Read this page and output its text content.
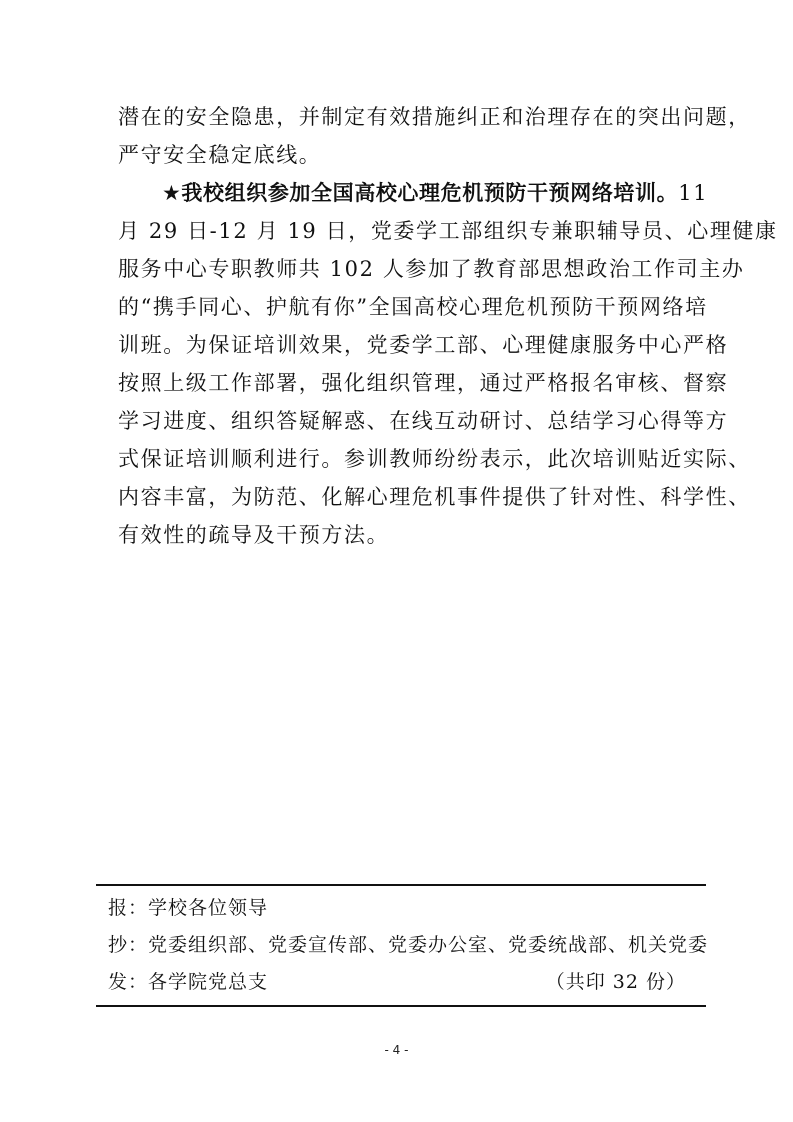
潜在的安全隐患，并制定有效措施纠正和治理存在的突出问题，
严守安全稳定底线。
★我校组织参加全国高校心理危机预防干预网络培训。11
月 29 日-12 月 19 日，党委学工部组织专兼职辅导员、心理健康
服务中心专职教师共 102 人参加了教育部思想政治工作司主办
的“携手同心、护航有你”全国高校心理危机预防干预网络培
训班。为保证培训效果，党委学工部、心理健康服务中心严格
按照上级工作部署，强化组织管理，通过严格报名审核、督察
学习进度、组织答疑解惑、在线互动研讨、总结学习心得等方
式保证培训顺利进行。参训教师纷纷表示，此次培训贴近实际、
内容丰富，为防范、化解心理危机事件提供了针对性、科学性、
有效性的疏导及干预方法。
报：学校各位领导
抄：党委组织部、党委宣传部、党委办公室、党委统战部、机关党委
发：各学院党总支	（共印 32 份）
- 4 -
